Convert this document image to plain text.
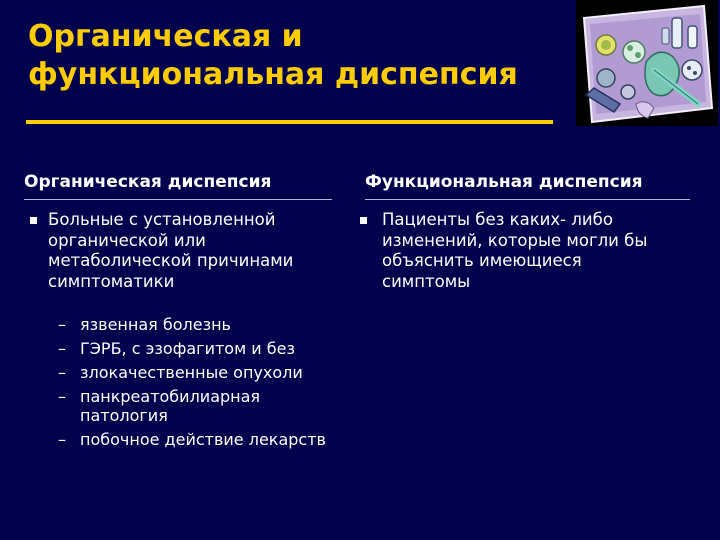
Органическая и
функциональная диспепсия
Органическая диспепсия
Больные с установленной
органической или
метаболической причинами
симптоматики
– язвенная болезнь
– ГЭРБ, с эзофагитом и без
– злокачественные опухоли
– панкреатобилиарная
патология
– побочное действие лекарств
Функциональная диспепсия
Пациенты без каких- либо
изменений, которые могли бы
объяснить имеющиеся
симптомы
